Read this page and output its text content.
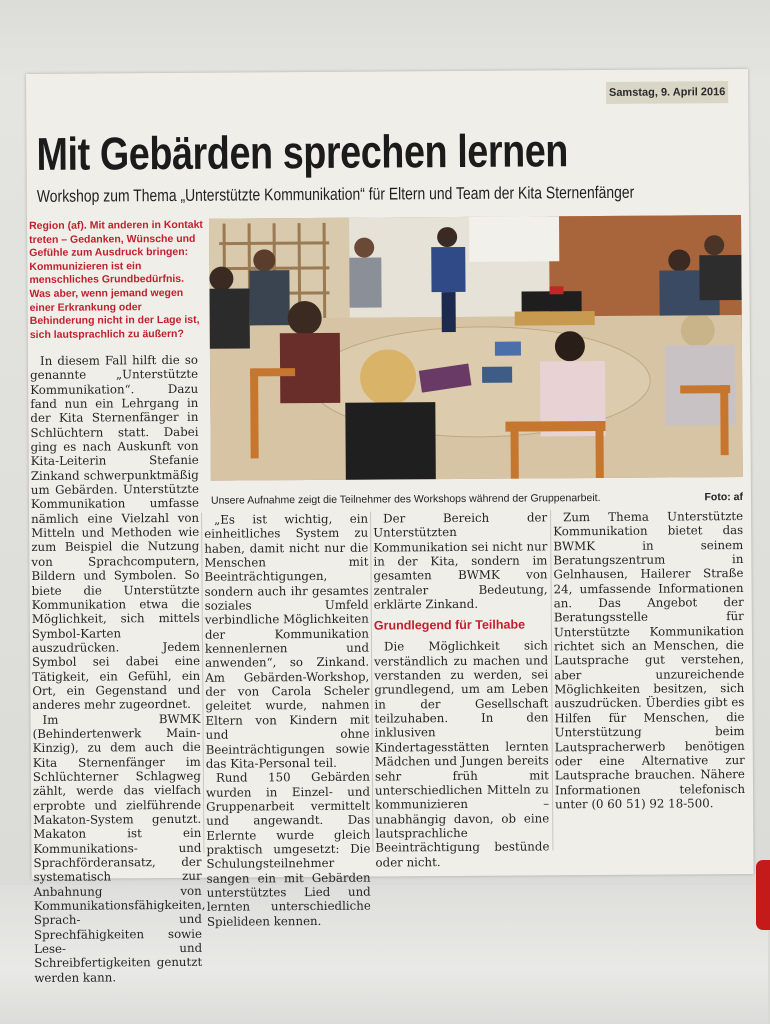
Samstag, 9. April 2016
Mit Gebärden sprechen lernen
Workshop zum Thema „Unterstützte Kommunikation“ für Eltern und Team der Kita Sternenfänger
Region (af). Mit anderen in Kontakt treten – Gedanken, Wünsche und Gefühle zum Ausdruck bringen: Kommunizieren ist ein menschliches Grundbedürfnis. Was aber, wenn jemand wegen einer Erkrankung oder Behinderung nicht in der Lage ist, sich lautsprachlich zu äußern?
Unsere Aufnahme zeigt die Teilnehmer des Workshops während der Gruppenarbeit.	Foto: af

In diesem Fall hilft die so genannte „Unterstützte Kommunikation“. Dazu fand nun ein Lehrgang in der Kita Sternenfänger in Schlüchtern statt. Dabei ging es nach Auskunft von Kita-Leiterin Stefanie Zinkand schwerpunktmäßig um Gebärden. Unterstützte Kommunikation umfasse nämlich eine Vielzahl von Mitteln und Methoden wie zum Beispiel die Nutzung von Sprachcomputern, Bildern und Symbolen. So biete die Unterstützte Kommunikation etwa die Möglichkeit, sich mittels Symbol-Karten auszudrücken. Jedem Symbol sei dabei eine Tätigkeit, ein Gefühl, ein Ort, ein Gegenstand und anderes mehr zugeordnet.

Im BWMK (Behindertenwerk Main-Kinzig), zu dem auch die Kita Sternenfänger im Schlüchterner Schlagweg zählt, werde das vielfach erprobte und zielführende Makaton-System genutzt. Makaton ist ein Kommunikations- und Sprachförderansatz, der systematisch zur Anbahnung von Kommunikationsfähigkeiten, Sprach- und Sprechfähigkeiten sowie Lese- und Schreibfertigkeiten genutzt werden kann.

„Es ist wichtig, ein einheitliches System zu haben, damit nicht nur die Menschen mit Beeinträchtigungen, sondern auch ihr gesamtes soziales Umfeld verbindliche Möglichkeiten der Kommunikation kennenlernen und anwenden“, so Zinkand. Am Gebärden-Workshop, der von Carola Scheler geleitet wurde, nahmen Eltern von Kindern mit und ohne Beeinträchtigungen sowie das Kita-Personal teil.

Rund 150 Gebärden wurden in Einzel- und Gruppenarbeit vermittelt und angewandt. Das Erlernte wurde gleich praktisch umgesetzt: Die Schulungsteilnehmer sangen ein mit Gebärden unterstütztes Lied und lernten unterschiedliche Spielideen kennen.

Der Bereich der Unterstützten Kommunikation sei nicht nur in der Kita, sondern im gesamten BWMK von zentraler Bedeutung, erklärte Zinkand.

Grundlegend für Teilhabe

Die Möglichkeit sich verständlich zu machen und verstanden zu werden, sei grundlegend, um am Leben in der Gesellschaft teilzuhaben. In den inklusiven Kindertagesstätten lernten Mädchen und Jungen bereits sehr früh mit unterschiedlichen Mitteln zu kommunizieren – unabhängig davon, ob eine lautsprachliche Beeinträchtigung bestünde oder nicht.

Zum Thema Unterstützte Kommunikation bietet das BWMK in seinem Beratungszentrum in Gelnhausen, Hailerer Straße 24, umfassende Informationen an. Das Angebot der Beratungsstelle für Unterstützte Kommunikation richtet sich an Menschen, die Lautsprache gut verstehen, aber unzureichende Möglichkeiten besitzen, sich auszudrücken. Überdies gibt es Hilfen für Menschen, die Unterstützung beim Lautspracherwerb benötigen oder eine Alternative zur Lautsprache brauchen. Nähere Informationen telefonisch unter (0 60 51) 92 18-500.
